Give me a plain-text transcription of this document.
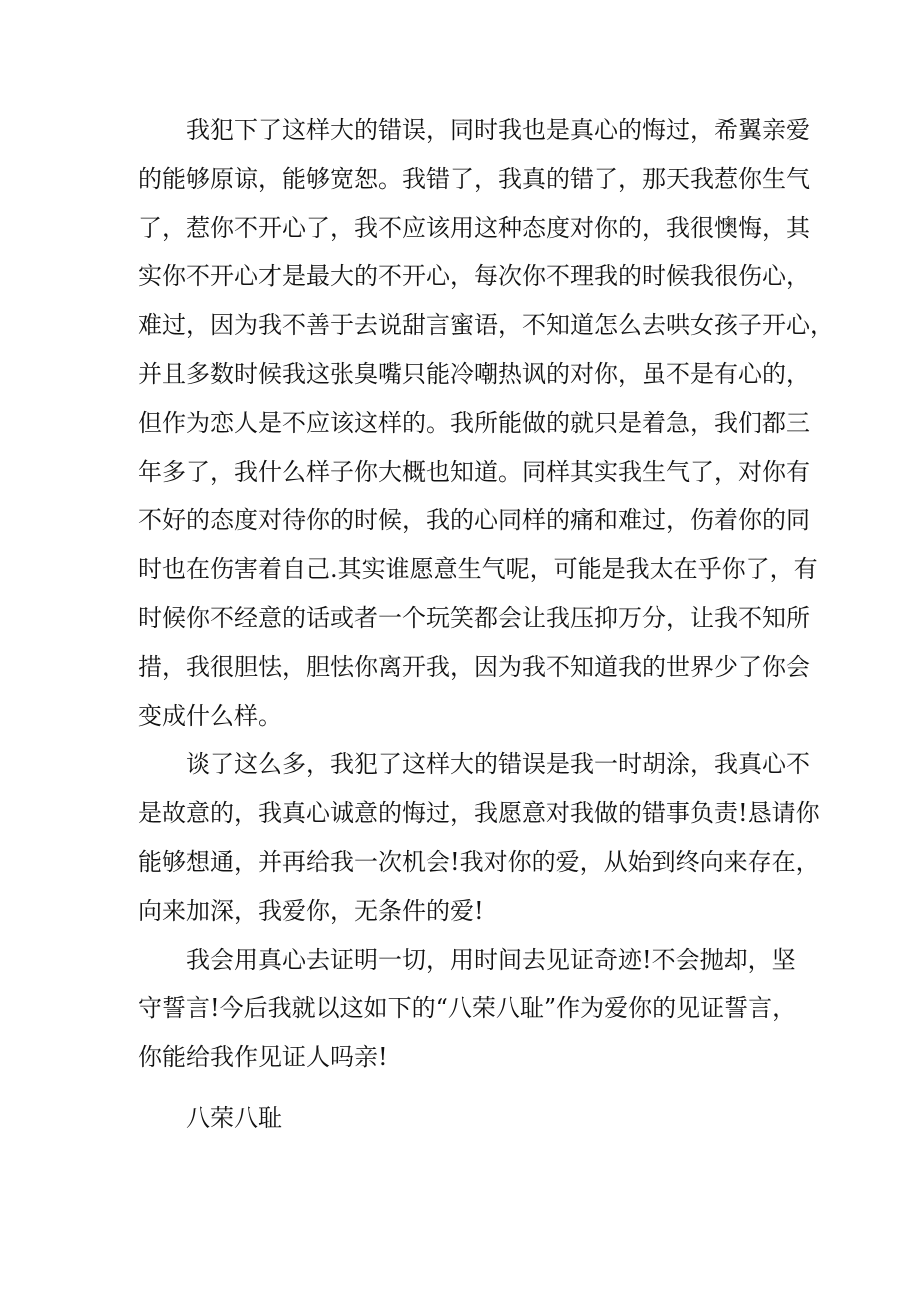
我犯下了这样大的错误，同时我也是真心的悔过，希翼亲爱
的能够原谅，能够宽恕。我错了，我真的错了，那天我惹你生气
了，惹你不开心了，我不应该用这种态度对你的，我很懊悔，其
实你不开心才是最大的不开心，每次你不理我的时候我很伤心，
难过，因为我不善于去说甜言蜜语，不知道怎么去哄女孩子开心，
并且多数时候我这张臭嘴只能冷嘲热讽的对你，虽不是有心的，
但作为恋人是不应该这样的。我所能做的就只是着急，我们都三
年多了，我什么样子你大概也知道。同样其实我生气了，对你有
不好的态度对待你的时候，我的心同样的痛和难过，伤着你的同
时也在伤害着自己.其实谁愿意生气呢，可能是我太在乎你了，有
时候你不经意的话或者一个玩笑都会让我压抑万分，让我不知所
措，我很胆怯，胆怯你离开我，因为我不知道我的世界少了你会
变成什么样。
谈了这么多，我犯了这样大的错误是我一时胡涂，我真心不
是故意的，我真心诚意的悔过，我愿意对我做的错事负责!恳请你
能够想通，并再给我一次机会!我对你的爱，从始到终向来存在，
向来加深，我爱你，无条件的爱!
我会用真心去证明一切，用时间去见证奇迹!不会抛却，坚
守誓言!今后我就以这如下的“八荣八耻”作为爱你的见证誓言，
你能给我作见证人吗亲!
八荣八耻
